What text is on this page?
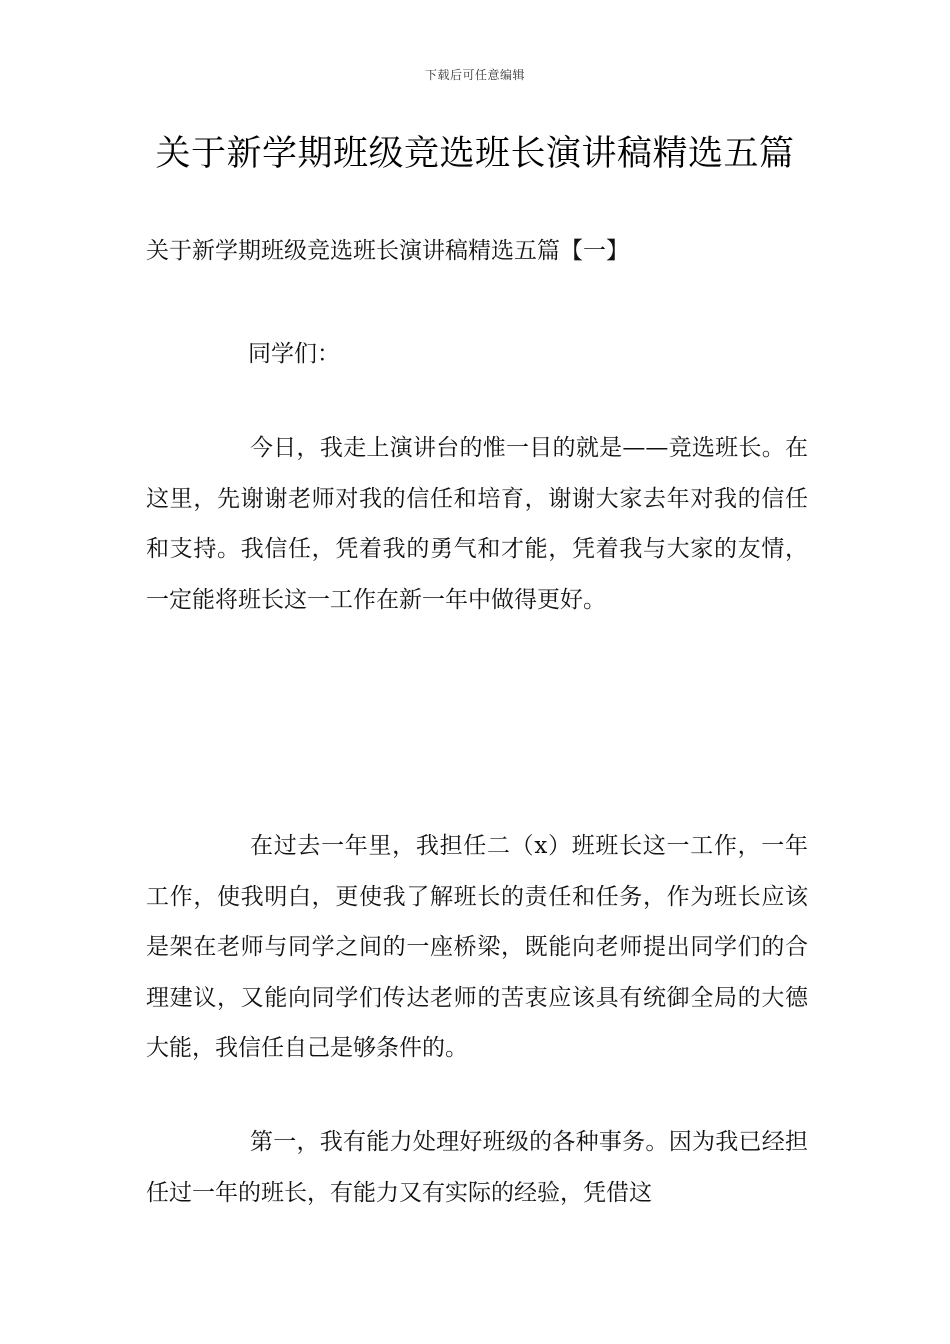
下载后可任意编辑
关于新学期班级竞选班长演讲稿精选五篇
关于新学期班级竞选班长演讲稿精选五篇【一】

同学们：

今日，我走上演讲台的惟一目的就是——竞选班长。在这里，先谢谢老师对我的信任和培育，谢谢大家去年对我的信任和支持。我信任，凭着我的勇气和才能，凭着我与大家的友情，一定能将班长这一工作在新一年中做得更好。

在过去一年里，我担任二（x）班班长这一工作，一年工作，使我明白，更使我了解班长的责任和任务，作为班长应该是架在老师与同学之间的一座桥梁，既能向老师提出同学们的合理建议，又能向同学们传达老师的苦衷应该具有统御全局的大德大能，我信任自己是够条件的。

第一，我有能力处理好班级的各种事务。因为我已经担任过一年的班长，有能力又有实际的经验，凭借这
